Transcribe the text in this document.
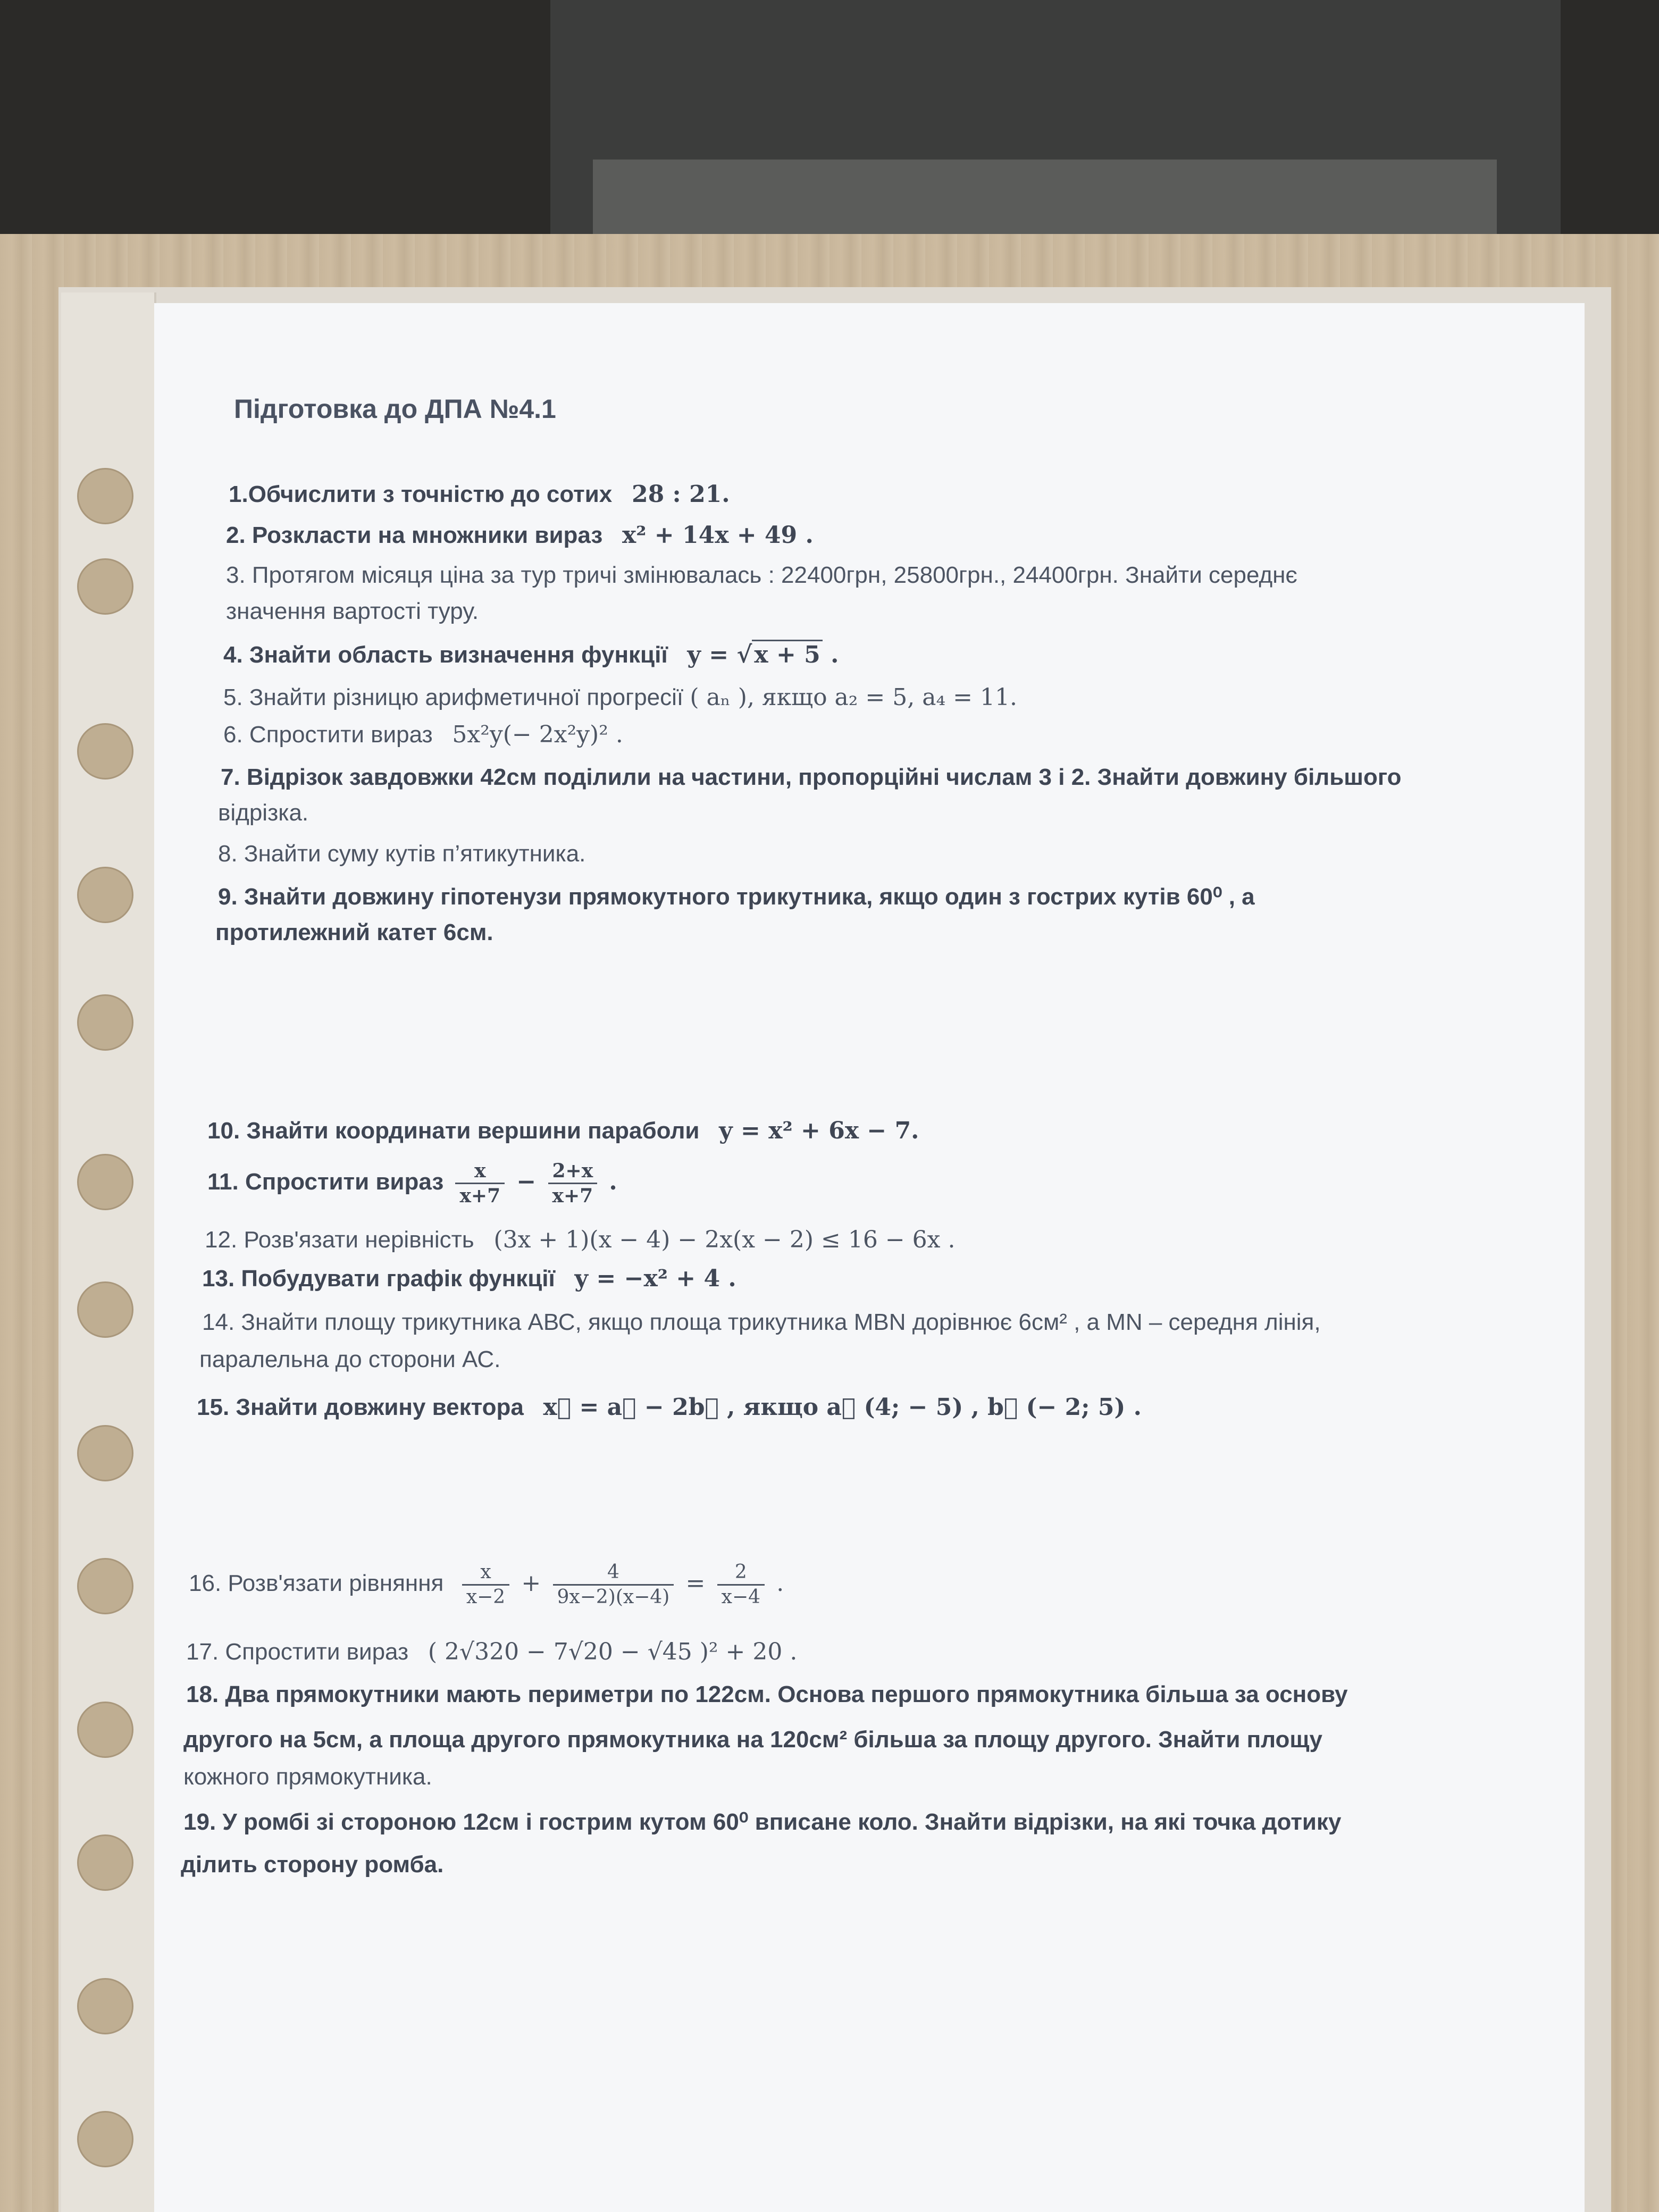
Підготовка до ДПА №4.1
1.Обчислити з точністю до сотих 28 : 21.
2. Розкласти на множники вираз x² + 14x + 49 .
3. Протягом місяця ціна за тур тричі змінювалась : 22400грн, 25800грн., 24400грн. Знайти середнє
значення вартості туру.
4. Знайти область визначення функції y = √x + 5 .
5. Знайти різницю арифметичної прогресії ( aₙ ), якщо a₂ = 5, a₄ = 11.
6. Спростити вираз 5x²y(− 2x²y)² .
7. Відрізок завдовжки 42см поділили на частини, пропорційні числам 3 і 2. Знайти довжину більшого
відрізка.
8. Знайти суму кутів п’ятикутника.
9. Знайти довжину гіпотенузи прямокутного трикутника, якщо один з гострих кутів 60⁰ , а
протилежний катет 6см.
10. Знайти координати вершини параболи y = x² + 6x − 7.
11. Спростити вираз $\frac{x}{x+7} - \frac{2+x}{x+7}$ .
12. Розв'язати нерівність (3x + 1)(x − 4) − 2x(x − 2) ≤ 16 − 6x .
13. Побудувати графік функції y = −x² + 4 .
14. Знайти площу трикутника АВС, якщо площа трикутника МВN дорівнює 6см² , а МN – середня лінія,
паралельна до сторони АС.
15. Знайти довжину вектора x⃗ = a⃗ − 2b⃗ , якщо a⃗ (4; − 5) , b⃗ (− 2; 5) .
16. Розв'язати рівняння $\frac{x}{x-2} + \frac{4}{9x-2)(x-4)} = \frac{2}{x-4}$ .
17. Спростити вираз ( 2√320 − 7√20 − √45 )² + 20 .
18. Два прямокутники мають периметри по 122см. Основа першого прямокутника більша за основу
другого на 5см, а площа другого прямокутника на 120см² більша за площу другого. Знайти площу
кожного прямокутника.
19. У ромбі зі стороною 12см і гострим кутом 60⁰ вписане коло. Знайти відрізки, на які точка дотику
ділить сторону ромба.
